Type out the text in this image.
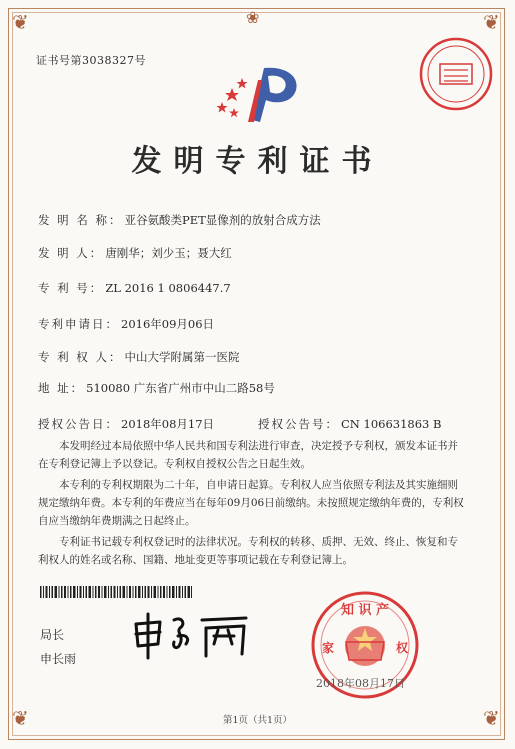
❦	❦
❦	❦
❀
证书号第3038327号
发明专利证书
发 明 名 称： 亚谷氨酸类PET显像剂的放射合成方法
发 明 人： 唐刚华；刘少玉；聂大红
专 利 号： ZL 2016 1 0806447.7
专利申请日： 2016年09月06日
专 利 权 人： 中山大学附属第一医院
地 址： 510080 广东省广州市中山二路58号
授权公告日： 2018年08月17日	授权公告号： CN 106631863 B

本发明经过本局依照中华人民共和国专利法进行审查，决定授予专利权，颁发本证书并在专利登记簿上予以登记。专利权自授权公告之日起生效。

本专利的专利权期限为二十年，自申请日起算。专利权人应当依照专利法及其实施细则规定缴纳年费。本专利的年费应当在每年09月06日前缴纳。未按照规定缴纳年费的，专利权自应当缴纳年费期满之日起终止。

专利证书记载专利权登记时的法律状况。专利权的转移、质押、无效、终止、恢复和专利权人的姓名或名称、国籍、地址变更等事项记载在专利登记簿上。

局长
申长雨
知 识 产
家	权
2018年08月17日
第1页（共1页）
